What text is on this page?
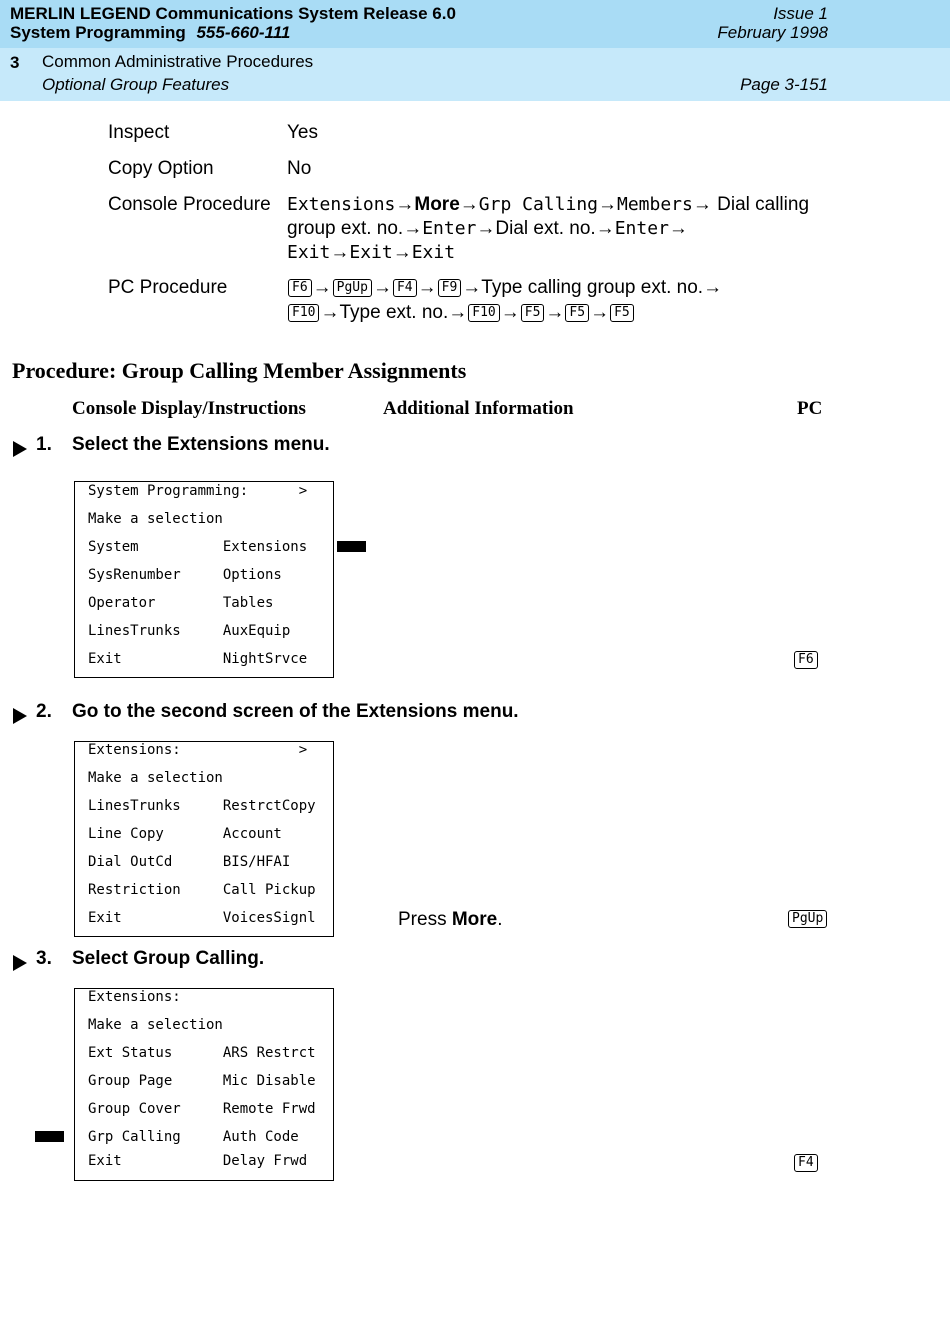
MERLIN LEGEND Communications System Release 6.0
System Programming 555-660-111
Issue 1
February 1998
3 Common Administrative Procedures
Optional Group Features	Page 3-151
Inspect	Yes
Copy Option	No
Console Procedure Extensions→More→Grp Calling→Members→ Dial calling
group ext. no.→Enter→Dial ext. no.→Enter→
Exit→Exit→Exit
PC Procedure	F6 → PgUp → F4 → F9 →Type calling group ext. no.→
F10 →Type ext. no.→ F10 → F5 → F5 → F5
Procedure: Group Calling Member Assignments
Console Display/Instructions	Additional Information	PC
1. Select the Extensions menu.
System Programming:      >
Make a selection
System          Extensions
SysRenumber     Options
Operator        Tables
LinesTrunks     AuxEquip
Exit            NightSrvce	F6
2. Go to the second screen of the Extensions menu.
Extensions:              >
Make a selection
LinesTrunks     RestrctCopy
Line Copy       Account
Dial OutCd      BIS/HFAI
Restriction     Call Pickup
Exit            VoicesSignl	Press More.	PgUp
3. Select Group Calling.
Extensions:
Make a selection
Ext Status      ARS Restrct
Group Page      Mic Disable
Group Cover     Remote Frwd
Grp Calling     Auth Code
Exit            Delay Frwd	F4
